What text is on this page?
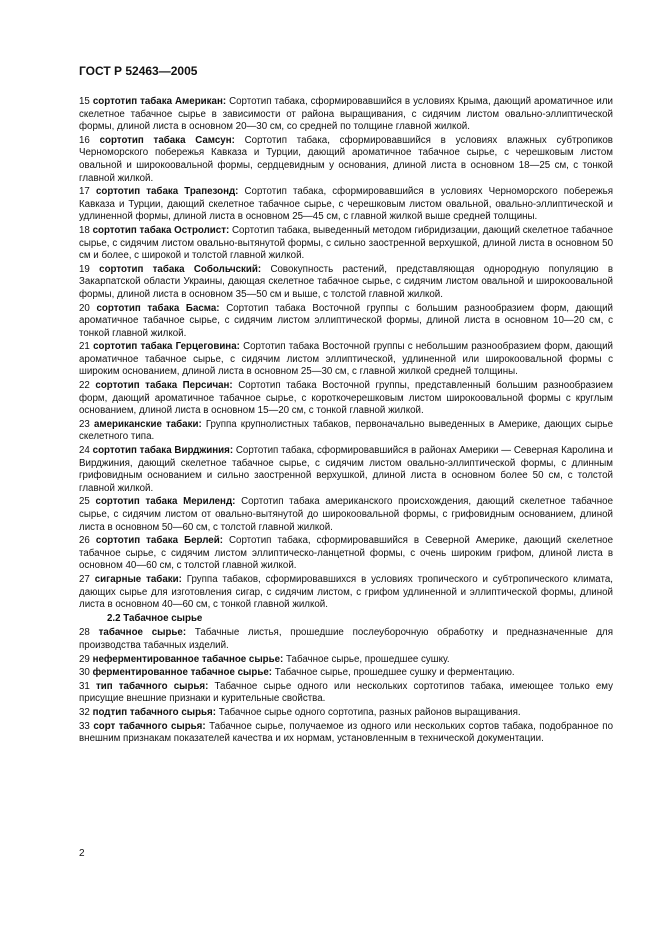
ГОСТ Р 52463—2005
15 сортотип табака Американ: Сортотип табака, сформировавшийся в условиях Крыма, дающий ароматичное или скелетное табачное сырье в зависимости от района выращивания, с сидячим листом овально-эллиптической формы, длиной листа в основном 20—30 см, со средней по толщине главной жилкой.
16 сортотип табака Самсун: Сортотип табака, сформировавшийся в условиях влажных субтропиков Черноморского побережья Кавказа и Турции, дающий ароматичное табачное сырье, с черешковым листом овальной и широкоовальной формы, сердцевидным у основания, длиной листа в основном 18—25 см, с тонкой главной жилкой.
17 сортотип табака Трапезонд: Сортотип табака, сформировавшийся в условиях Черноморского побережья Кавказа и Турции, дающий скелетное табачное сырье, с черешковым листом овальной, овально-эллиптической и удлиненной формы, длиной листа в основном 25—45 см, с главной жилкой выше средней толщины.
18 сортотип табака Остролист: Сортотип табака, выведенный методом гибридизации, дающий скелетное табачное сырье, с сидячим листом овально-вытянутой формы, с сильно заостренной верхушкой, длиной листа в основном 50 см и более, с широкой и толстой главной жилкой.
19 сортотип табака Собольчский: Совокупность растений, представляющая однородную популяцию в Закарпатской области Украины, дающая скелетное табачное сырье, с сидячим листом овальной и широкоовальной формы, длиной листа в основном 35—50 см и выше, с толстой главной жилкой.
20 сортотип табака Басма: Сортотип табака Восточной группы с большим разнообразием форм, дающий ароматичное табачное сырье, с сидячим листом эллиптической формы, длиной листа в основном 10—20 см, с тонкой главной жилкой.
21 сортотип табака Герцеговина: Сортотип табака Восточной группы с небольшим разнообразием форм, дающий ароматичное табачное сырье, с сидячим листом эллиптической, удлиненной или широкоовальной формы с широким основанием, длиной листа в основном 25—30 см, с главной жилкой средней толщины.
22 сортотип табака Персичан: Сортотип табака Восточной группы, представленный большим разнообразием форм, дающий ароматичное табачное сырье, с короткочерешковым листом широкоовальной формы с круглым основанием, длиной листа в основном 15—20 см, с тонкой главной жилкой.
23 американские табаки: Группа крупнолистных табаков, первоначально выведенных в Америке, дающих сырье скелетного типа.
24 сортотип табака Вирджиния: Сортотип табака, сформировавшийся в районах Америки — Северная Каролина и Вирджиния, дающий скелетное табачное сырье, с сидячим листом овально-эллиптической формы, с длинным грифовидным основанием и сильно заостренной верхушкой, длиной листа в основном более 50 см, с толстой главной жилкой.
25 сортотип табака Мериленд: Сортотип табака американского происхождения, дающий скелетное табачное сырье, с сидячим листом от овально-вытянутой до широкоовальной формы, с грифовидным основанием, длиной листа в основном 50—60 см, с толстой главной жилкой.
26 сортотип табака Берлей: Сортотип табака, сформировавшийся в Северной Америке, дающий скелетное табачное сырье, с сидячим листом эллиптическо-ланцетной формы, с очень широким грифом, длиной листа в основном 40—60 см, с толстой главной жилкой.
27 сигарные табаки: Группа табаков, сформировавшихся в условиях тропического и субтропического климата, дающих сырье для изготовления сигар, с сидячим листом, с грифом удлиненной и эллиптической формы, длиной листа в основном 40—60 см, с тонкой главной жилкой.
2.2 Табачное сырье
28 табачное сырье: Табачные листья, прошедшие послеуборочную обработку и предназначенные для производства табачных изделий.
29 неферментированное табачное сырье: Табачное сырье, прошедшее сушку.
30 ферментированное табачное сырье: Табачное сырье, прошедшее сушку и ферментацию.
31 тип табачного сырья: Табачное сырье одного или нескольких сортотипов табака, имеющее только ему присущие внешние признаки и курительные свойства.
32 подтип табачного сырья: Табачное сырье одного сортотипа, разных районов выращивания.
33 сорт табачного сырья: Табачное сырье, получаемое из одного или нескольких сортов табака, подобранное по внешним признакам показателей качества и их нормам, установленным в технической документации.
2
